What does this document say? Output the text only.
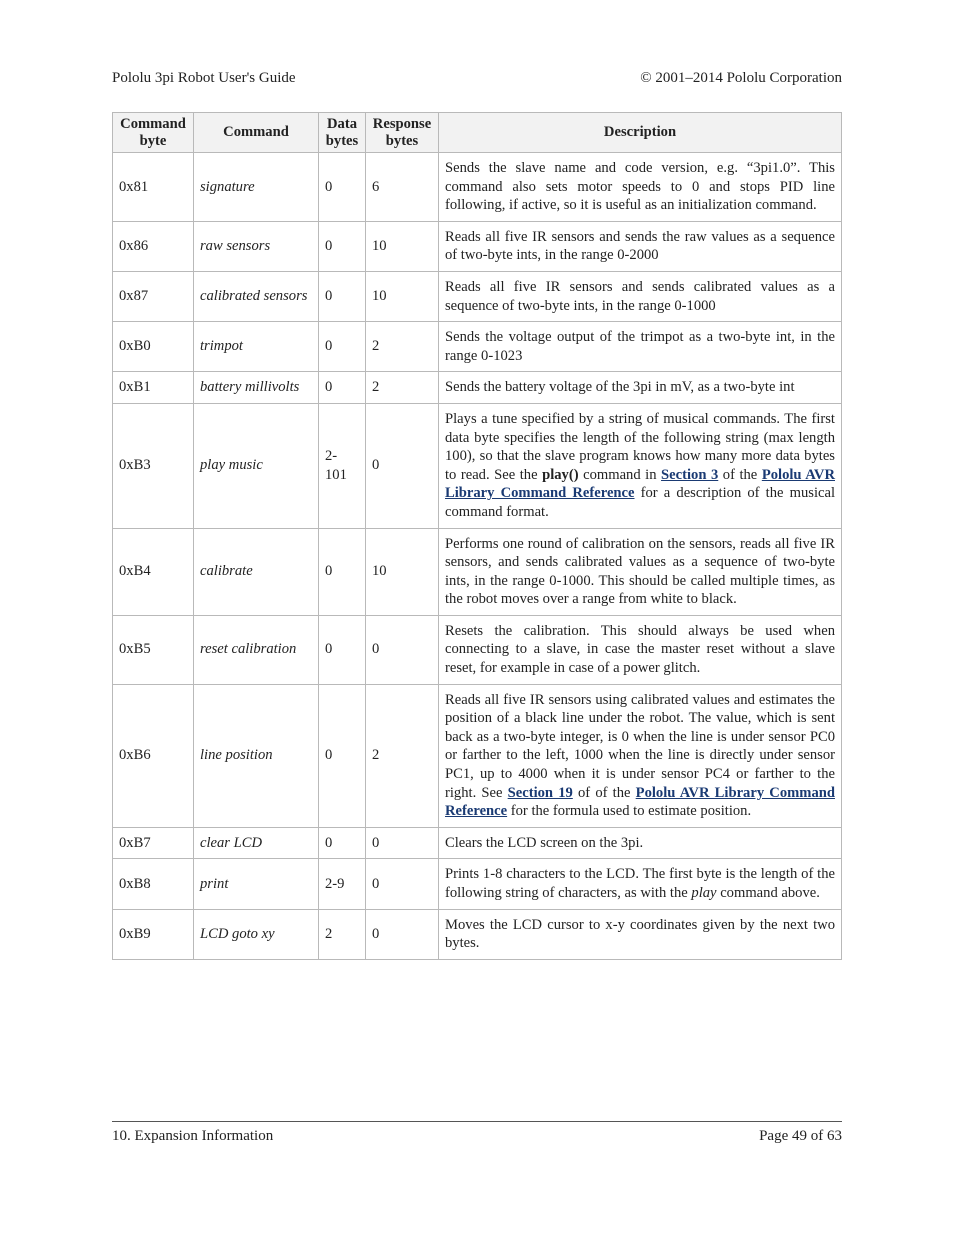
Pololu 3pi Robot User's Guide	© 2001–2014 Pololu Corporation
Command byte	Command	Data bytes	Response bytes	Description
0x81	signature	0	6	Sends the slave name and code version, e.g. “3pi1.0”. This command also sets motor speeds to 0 and stops PID line following, if active, so it is useful as an initialization command.
0x86	raw sensors	0	10	Reads all five IR sensors and sends the raw values as a sequence of two-byte ints, in the range 0-2000
0x87	calibrated sensors	0	10	Reads all five IR sensors and sends calibrated values as a sequence of two-byte ints, in the range 0-1000
0xB0	trimpot	0	2	Sends the voltage output of the trimpot as a two-byte int, in the range 0-1023
0xB1	battery millivolts	0	2	Sends the battery voltage of the 3pi in mV, as a two-byte int
0xB3	play music	2-101	0	Plays a tune specified by a string of musical commands. The first data byte specifies the length of the following string (max length 100), so that the slave program knows how many more data bytes to read. See the play() command in Section 3 of the Pololu AVR Library Command Reference for a description of the musical command format.
0xB4	calibrate	0	10	Performs one round of calibration on the sensors, reads all five IR sensors, and sends calibrated values as a sequence of two-byte ints, in the range 0-1000. This should be called multiple times, as the robot moves over a range from white to black.
0xB5	reset calibration	0	0	Resets the calibration. This should always be used when connecting to a slave, in case the master reset without a slave reset, for example in case of a power glitch.
0xB6	line position	0	2	Reads all five IR sensors using calibrated values and estimates the position of a black line under the robot. The value, which is sent back as a two-byte integer, is 0 when the line is under sensor PC0 or farther to the left, 1000 when the line is directly under sensor PC1, up to 4000 when it is under sensor PC4 or farther to the right. See Section 19 of of the Pololu AVR Library Command Reference for the formula used to estimate position.
0xB7	clear LCD	0	0	Clears the LCD screen on the 3pi.
0xB8	print	2-9	0	Prints 1-8 characters to the LCD. The first byte is the length of the following string of characters, as with the play command above.
0xB9	LCD goto xy	2	0	Moves the LCD cursor to x-y coordinates given by the next two bytes.
10. Expansion Information	Page 49 of 63
